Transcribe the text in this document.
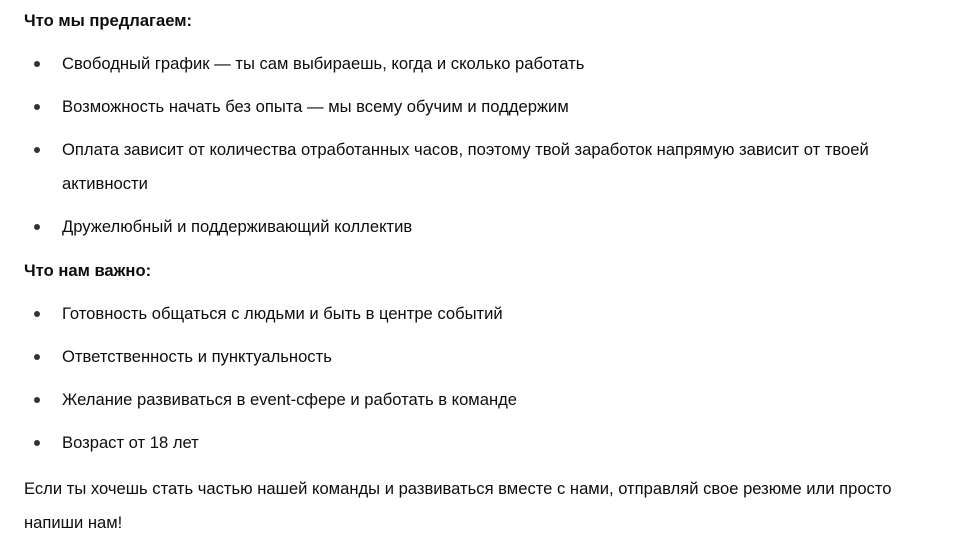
Что мы предлагаем:
Свободный график — ты сам выбираешь, когда и сколько работать
Возможность начать без опыта — мы всему обучим и поддержим
Оплата зависит от количества отработанных часов, поэтому твой заработок напрямую зависит от твоей активности
Дружелюбный и поддерживающий коллектив
Что нам важно:
Готовность общаться с людьми и быть в центре событий
Ответственность и пунктуальность
Желание развиваться в event-сфере и работать в команде
Возраст от 18 лет

Если ты хочешь стать частью нашей команды и развиваться вместе с нами, отправляй свое резюме или просто напиши нам!
